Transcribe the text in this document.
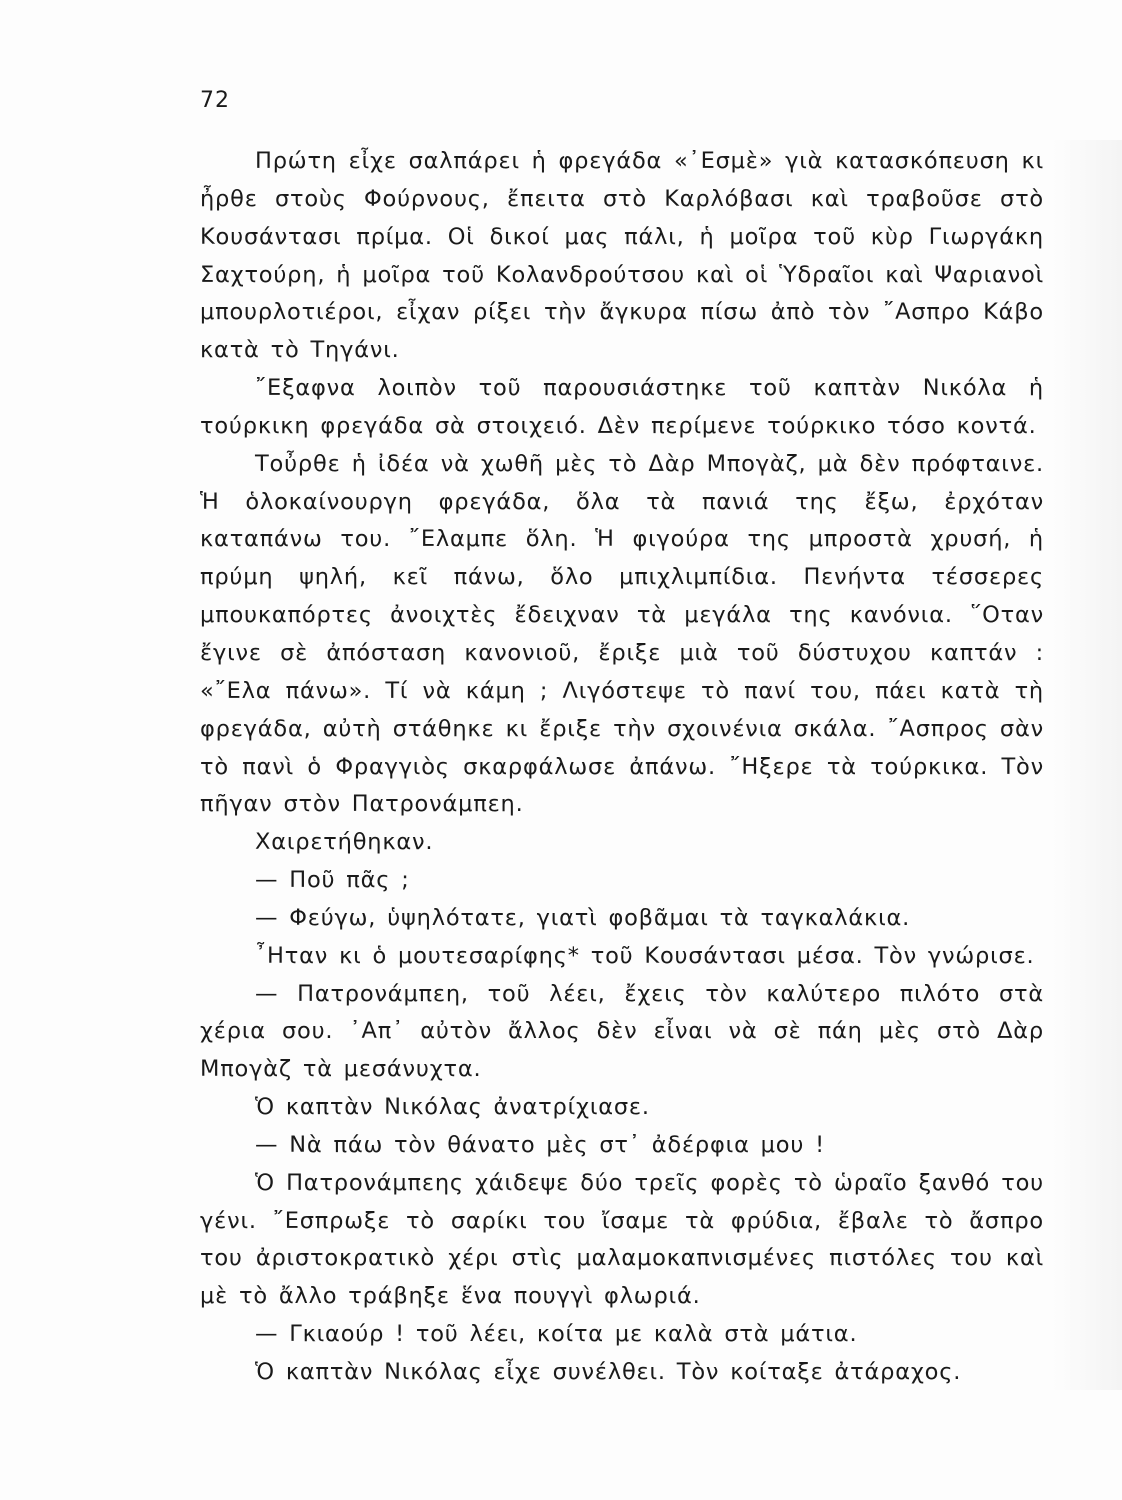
72

Πρώτη εἶχε σαλπάρει ἡ φρεγάδα «᾿Εσμὲ» γιὰ κατασκόπευση κι ἦρθε στοὺς Φούρνους, ἔπειτα στὸ Καρλόβασι καὶ τραβοῦσε στὸ Κουσάντασι πρίμα. Οἱ δικοί μας πάλι, ἡ μοῖρα τοῦ κὺρ Γιωργάκη Σαχτούρη, ἡ μοῖρα τοῦ Κολανδρούτσου καὶ οἱ Ὑδραῖοι καὶ Ψαριανοὶ μπουρλοτιέροι, εἶχαν ρίξει τὴν ἄγκυρα πίσω ἀπὸ τὸν ῎Ασπρο Κάβο κατὰ τὸ Τηγάνι.

῎Εξαφνα λοιπὸν τοῦ παρουσιάστηκε τοῦ καπτὰν Νικόλα ἡ τούρκικη φρεγάδα σὰ στοιχειό. Δὲν περίμενε τούρκικο τόσο κοντά.

Τοὖρθε ἡ ἰδέα νὰ χωθῆ μὲς τὸ Δὰρ Μπογὰζ, μὰ δὲν πρόφταινε. Ἡ ὁλοκαίνουργη φρεγάδα, ὅλα τὰ πανιά της ἔξω, ἐρχόταν καταπάνω του. ῎Ελαμπε ὅλη. Ἡ φιγούρα της μπροστὰ χρυσή, ἡ πρύμη ψηλή, κεῖ πάνω, ὅλο μπιχλιμπίδια. Πενήντα τέσσερες μπουκαπόρτες ἀνοιχτὲς ἔδειχναν τὰ μεγάλα της κανόνια. ῞Οταν ἔγινε σὲ ἀπόσταση κανονιοῦ, ἔριξε μιὰ τοῦ δύστυχου καπτάν : «῎Ελα πάνω». Τί νὰ κάμη ; Λιγόστεψε τὸ πανί του, πάει κατὰ τὴ φρεγάδα, αὐτὴ στάθηκε κι ἔριξε τὴν σχοινένια σκάλα. ῎Ασπρος σὰν τὸ πανὶ ὁ Φραγγιὸς σκαρφάλωσε ἀπάνω. ῎Ηξερε τὰ τούρκικα. Τὸν πῆγαν στὸν Πατρονάμπεη.

Χαιρετήθηκαν.

— Ποῦ πᾶς ;

— Φεύγω, ὑψηλότατε, γιατὶ φοβᾶμαι τὰ ταγκαλάκια.

῏Ηταν κι ὁ μουτεσαρίφης* τοῦ Κουσάντασι μέσα. Τὸν γνώρισε.

— Πατρονάμπεη, τοῦ λέει, ἔχεις τὸν καλύτερο πιλότο στὰ χέρια σου. ᾿Απ᾿ αὐτὸν ἄλλος δὲν εἶναι νὰ σὲ πάη μὲς στὸ Δὰρ Μπογὰζ τὰ μεσάνυχτα.

Ὁ καπτὰν Νικόλας ἀνατρίχιασε.

— Νὰ πάω τὸν θάνατο μὲς στ᾿ ἀδέρφια μου !

Ὁ Πατρονάμπεης χάιδεψε δύο τρεῖς φορὲς τὸ ὡραῖο ξανθό του γένι. ῎Εσπρωξε τὸ σαρίκι του ἴσαμε τὰ φρύδια, ἔβαλε τὸ ἄσπρο του ἀριστοκρατικὸ χέρι στὶς μαλαμοκαπνισμένες πιστόλες του καὶ μὲ τὸ ἄλλο τράβηξε ἕνα πουγγὶ φλωριά.

— Γκιαούρ ! τοῦ λέει, κοίτα με καλὰ στὰ μάτια.

Ὁ καπτὰν Νικόλας εἶχε συνέλθει. Τὸν κοίταξε ἀτάραχος.
